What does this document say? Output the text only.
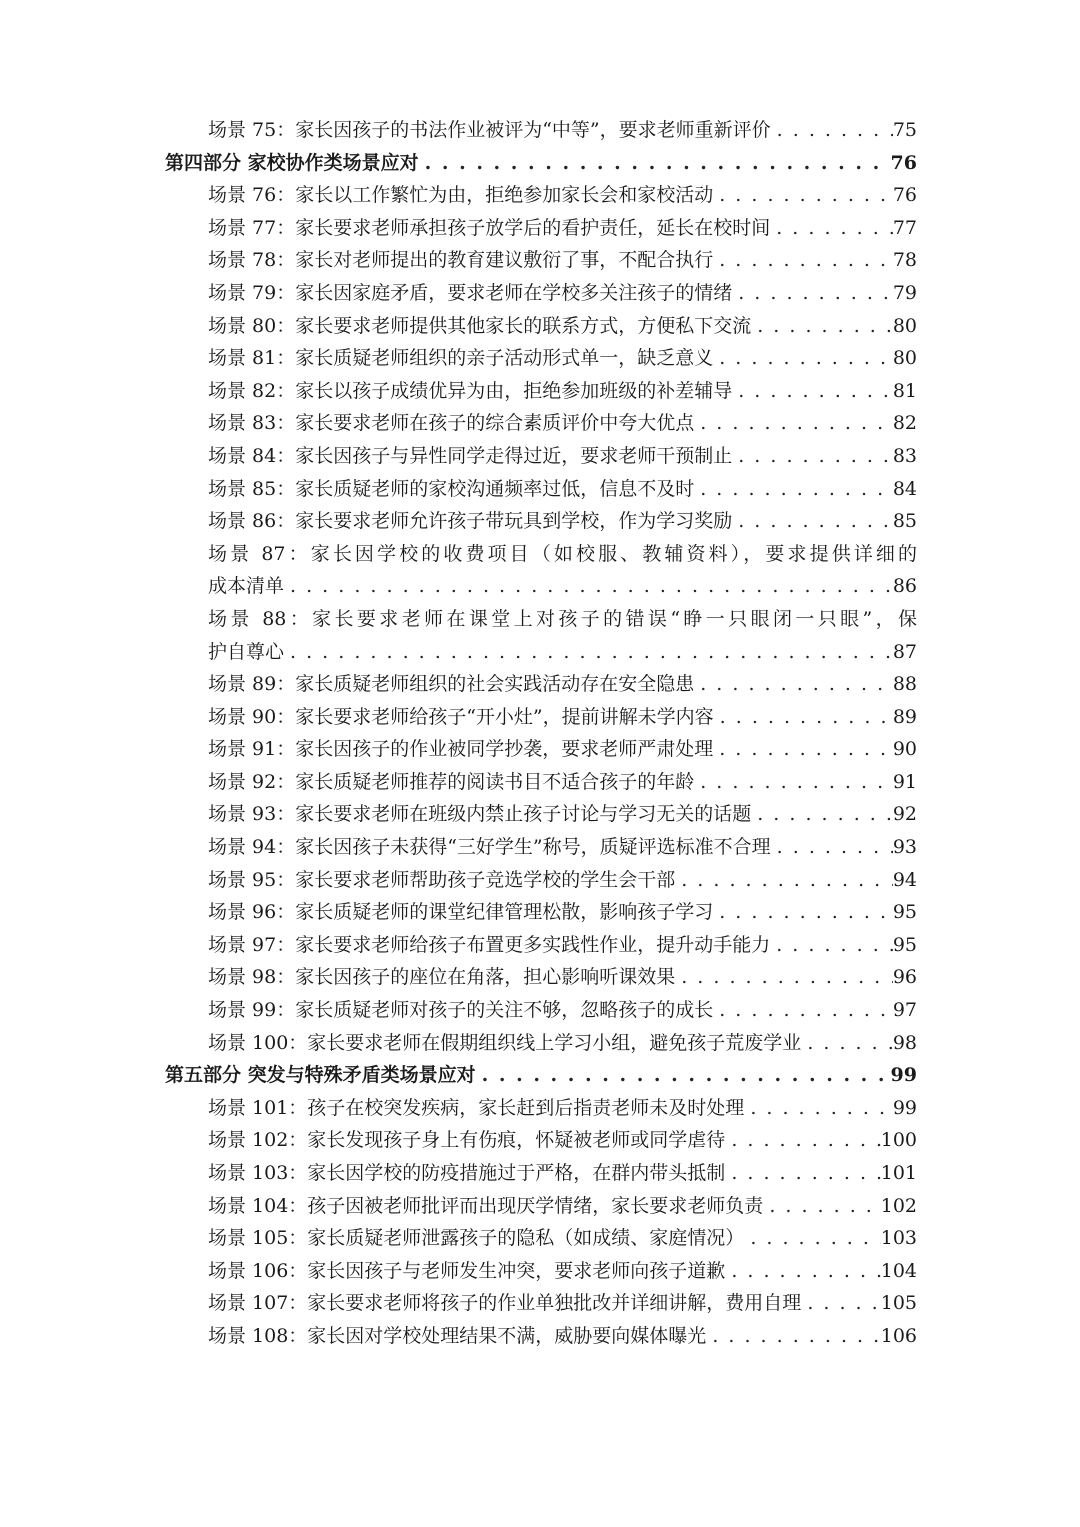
场景 75：家长因孩子的书法作业被评为“中等”，要求老师重新评价 . . .	75
第四部分 家校协作类场景应对 . . .	76
场景 76：家长以工作繁忙为由，拒绝参加家长会和家校活动 . . .	76
场景 77：家长要求老师承担孩子放学后的看护责任，延长在校时间 . . .	77
场景 78：家长对老师提出的教育建议敷衍了事，不配合执行 . . .	78
场景 79：家长因家庭矛盾，要求老师在学校多关注孩子的情绪 . . .	79
场景 80：家长要求老师提供其他家长的联系方式，方便私下交流 . . .	80
场景 81：家长质疑老师组织的亲子活动形式单一，缺乏意义 . . .	80
场景 82：家长以孩子成绩优异为由，拒绝参加班级的补差辅导 . . .	81
场景 83：家长要求老师在孩子的综合素质评价中夸大优点 . . .	82
场景 84：家长因孩子与异性同学走得过近，要求老师干预制止 . . .	83
场景 85：家长质疑老师的家校沟通频率过低，信息不及时 . . .	84
场景 86：家长要求老师允许孩子带玩具到学校，作为学习奖励 . . .	85
场景 87：家长因学校的收费项目（如校服、教辅资料），要求提供详细的
成本清单 . . .	86
场景 88：家长要求老师在课堂上对孩子的错误“睁一只眼闭一只眼”，保
护自尊心 . . .	87
场景 89：家长质疑老师组织的社会实践活动存在安全隐患 . . .	88
场景 90：家长要求老师给孩子“开小灶”，提前讲解未学内容 . . .	89
场景 91：家长因孩子的作业被同学抄袭，要求老师严肃处理 . . .	90
场景 92：家长质疑老师推荐的阅读书目不适合孩子的年龄 . . .	91
场景 93：家长要求老师在班级内禁止孩子讨论与学习无关的话题 . . .	92
场景 94：家长因孩子未获得“三好学生”称号，质疑评选标准不合理 . . .	93
场景 95：家长要求老师帮助孩子竞选学校的学生会干部 . . .	94
场景 96：家长质疑老师的课堂纪律管理松散，影响孩子学习 . . .	95
场景 97：家长要求老师给孩子布置更多实践性作业，提升动手能力 . . .	95
场景 98：家长因孩子的座位在角落，担心影响听课效果 . . .	96
场景 99：家长质疑老师对孩子的关注不够，忽略孩子的成长 . . .	97
场景 100：家长要求老师在假期组织线上学习小组，避免孩子荒废学业 . . .	98
第五部分 突发与特殊矛盾类场景应对 . . .	99
场景 101：孩子在校突发疾病，家长赶到后指责老师未及时处理 . . .	99
场景 102：家长发现孩子身上有伤痕，怀疑被老师或同学虐待 . . .	100
场景 103：家长因学校的防疫措施过于严格，在群内带头抵制 . . .	101
场景 104：孩子因被老师批评而出现厌学情绪，家长要求老师负责 . . .	102
场景 105：家长质疑老师泄露孩子的隐私（如成绩、家庭情况） . . .	103
场景 106：家长因孩子与老师发生冲突，要求老师向孩子道歉 . . .	104
场景 107：家长要求老师将孩子的作业单独批改并详细讲解，费用自理 . . .	105
场景 108：家长因对学校处理结果不满，威胁要向媒体曝光 . . .	106
